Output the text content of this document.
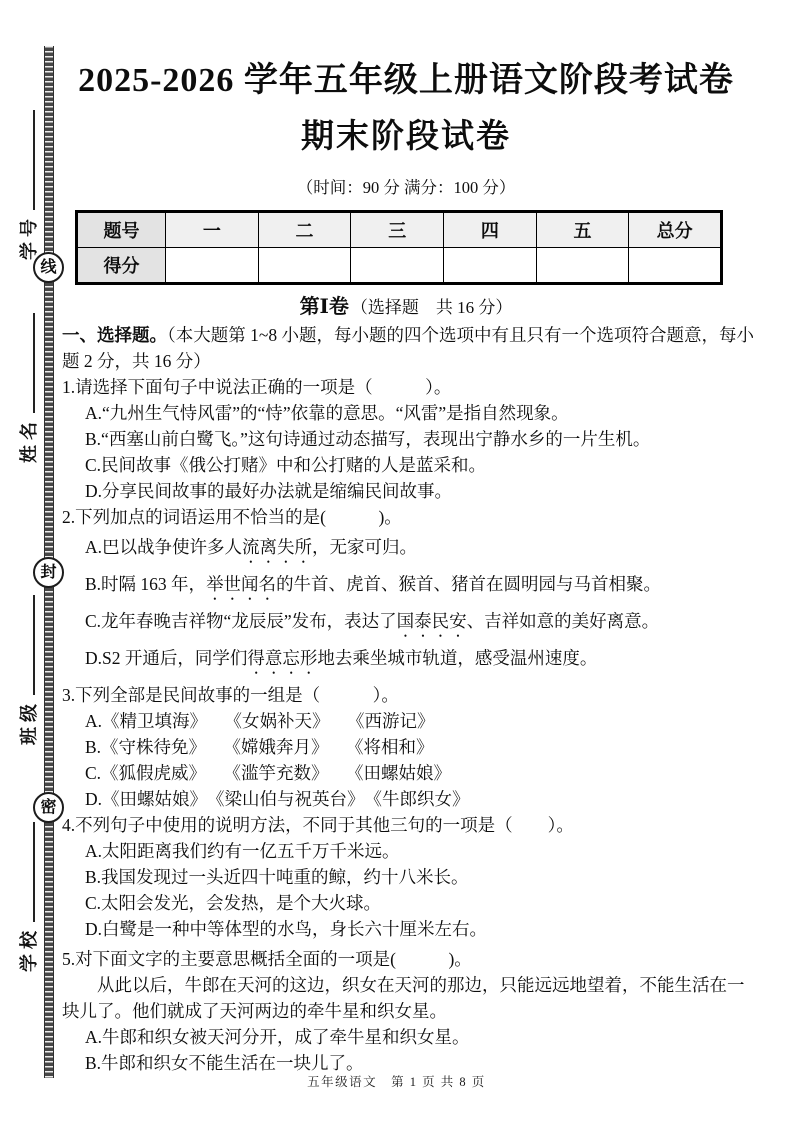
学号
姓名
班级
学校
线
封
密
2025-2026 学年五年级上册语文阶段考试卷
期末阶段试卷
（时间：90 分 满分：100 分）
题号	一	二	三	四	五	总分
得分						
第Ⅰ卷 （选择题　共 16 分）
一、选择题。（本大题第 1~8 小题，每小题的四个选项中有且只有一个选项符合题意，每小题 2 分，共 16 分）
1.请选择下面句子中说法正确的一项是（　　　）。
A.“九州生气恃风雷”的“恃”依靠的意思。“风雷”是指自然现象。
B.“西塞山前白鹭飞。”这句诗通过动态描写，表现出宁静水乡的一片生机。
C.民间故事《俄公打赌》中和公打赌的人是蓝采和。
D.分享民间故事的最好办法就是缩编民间故事。
2.下列加点的词语运用不恰当的是(　　　)。
A.巴以战争使许多人流离失所，无家可归。
B.时隔 163 年，举世闻名的牛首、虎首、猴首、猪首在圆明园与马首相聚。
C.龙年春晚吉祥物“龙辰辰”发布，表达了国泰民安、吉祥如意的美好离意。
D.S2 开通后，同学们得意忘形地去乘坐城市轨道，感受温州速度。
3.下列全部是民间故事的一组是（　　　）。
A.《精卫填海》　　《女娲补天》　　《西游记》
B.《守株待免》　　《嫦娥奔月》　　《将相和》
C.《狐假虎威》　　《滥竽充数》　　《田螺姑娘》
D.《田螺姑娘》　《梁山伯与祝英台》　《牛郎织女》
4.不列句子中使用的说明方法，不同于其他三句的一项是（　　）。
A.太阳距离我们约有一亿五千万千米远。
B.我国发现过一头近四十吨重的鲸，约十八米长。
C.太阳会发光，会发热，是个大火球。
D.白鹭是一种中等体型的水鸟，身长六十厘米左右。
5.对下面文字的主要意思概括全面的一项是(　　　)。
从此以后，牛郎在天河的这边，织女在天河的那边，只能远远地望着，不能生活在一块儿了。他们就成了天河两边的牵牛星和织女星。
A.牛郎和织女被天河分开，成了牵牛星和织女星。
B.牛郎和织女不能生活在一块儿了。
五年级语文　第 1 页 共 8 页
